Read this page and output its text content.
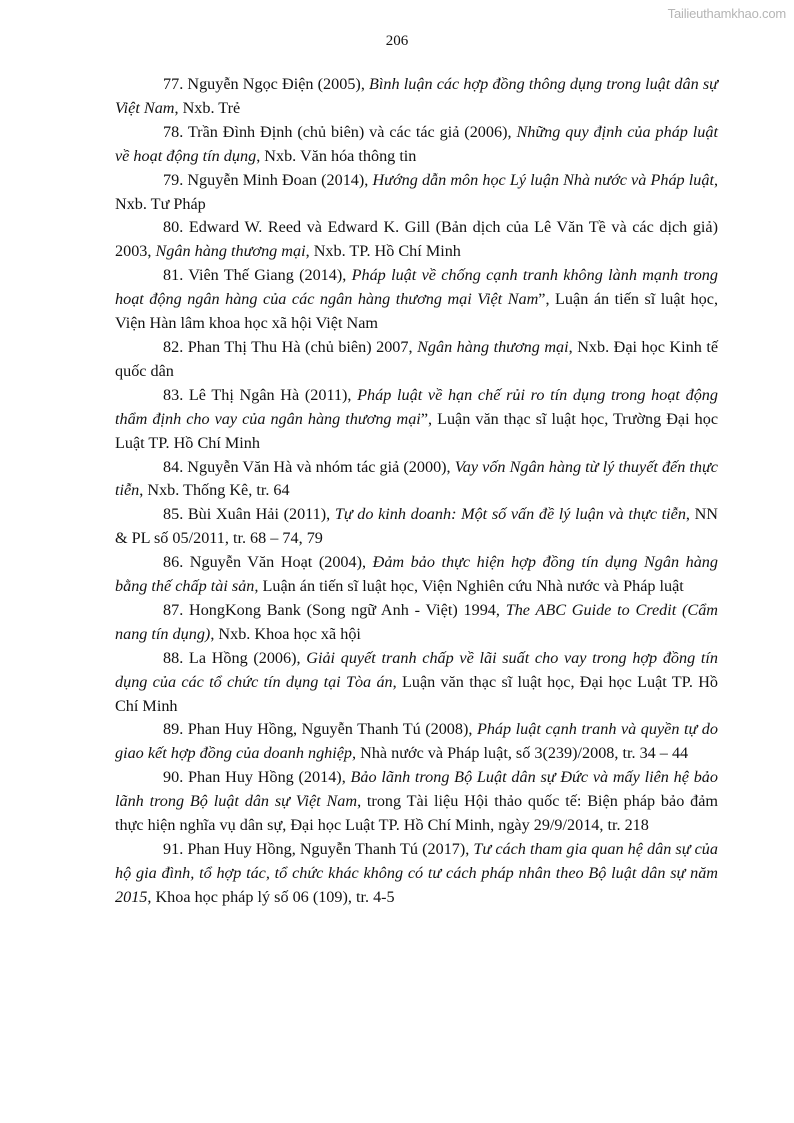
Tailieuthamkhao.com
206

77. Nguyễn Ngọc Điện (2005), Bình luận các hợp đồng thông dụng trong luật dân sự Việt Nam, Nxb. Trẻ

78. Trần Đình Định (chủ biên) và các tác giả (2006), Những quy định của pháp luật về hoạt động tín dụng, Nxb. Văn hóa thông tin

79. Nguyễn Minh Đoan (2014), Hướng dẫn môn học Lý luận Nhà nước và Pháp luật, Nxb. Tư Pháp

80. Edward W. Reed và Edward K. Gill (Bản dịch của Lê Văn Tề và các dịch giả) 2003, Ngân hàng thương mại, Nxb. TP. Hồ Chí Minh

81. Viên Thế Giang (2014), Pháp luật về chống cạnh tranh không lành mạnh trong hoạt động ngân hàng của các ngân hàng thương mại Việt Nam”, Luận án tiến sĩ luật học, Viện Hàn lâm khoa học xã hội Việt Nam

82. Phan Thị Thu Hà (chủ biên) 2007, Ngân hàng thương mại, Nxb. Đại học Kinh tế quốc dân

83. Lê Thị Ngân Hà (2011), Pháp luật về hạn chế rủi ro tín dụng trong hoạt động thẩm định cho vay của ngân hàng thương mại”, Luận văn thạc sĩ luật học, Trường Đại học Luật TP. Hồ Chí Minh

84. Nguyễn Văn Hà và nhóm tác giả (2000), Vay vốn Ngân hàng từ lý thuyết đến thực tiễn, Nxb. Thống Kê, tr. 64

85. Bùi Xuân Hải (2011), Tự do kinh doanh: Một số vấn đề lý luận và thực tiễn, NN & PL số 05/2011, tr. 68 – 74, 79

86. Nguyễn Văn Hoạt (2004), Đảm bảo thực hiện hợp đồng tín dụng Ngân hàng bằng thế chấp tài sản, Luận án tiến sĩ luật học, Viện Nghiên cứu Nhà nước và Pháp luật

87. HongKong Bank (Song ngữ Anh - Việt) 1994, The ABC Guide to Credit (Cẩm nang tín dụng), Nxb. Khoa học xã hội

88. La Hồng (2006), Giải quyết tranh chấp về lãi suất cho vay trong hợp đồng tín dụng của các tổ chức tín dụng tại Tòa án, Luận văn thạc sĩ luật học, Đại học Luật TP. Hồ Chí Minh

89. Phan Huy Hồng, Nguyễn Thanh Tú (2008), Pháp luật cạnh tranh và quyền tự do giao kết hợp đồng của doanh nghiệp, Nhà nước và Pháp luật, số 3(239)/2008, tr. 34 – 44

90. Phan Huy Hồng (2014), Bảo lãnh trong Bộ Luật dân sự Đức và mấy liên hệ bảo lãnh trong Bộ luật dân sự Việt Nam, trong Tài liệu Hội thảo quốc tế: Biện pháp bảo đảm thực hiện nghĩa vụ dân sự, Đại học Luật TP. Hồ Chí Minh, ngày 29/9/2014, tr. 218

91. Phan Huy Hồng, Nguyễn Thanh Tú (2017), Tư cách tham gia quan hệ dân sự của hộ gia đình, tổ hợp tác, tổ chức khác không có tư cách pháp nhân theo Bộ luật dân sự năm 2015, Khoa học pháp lý số 06 (109), tr. 4-5
